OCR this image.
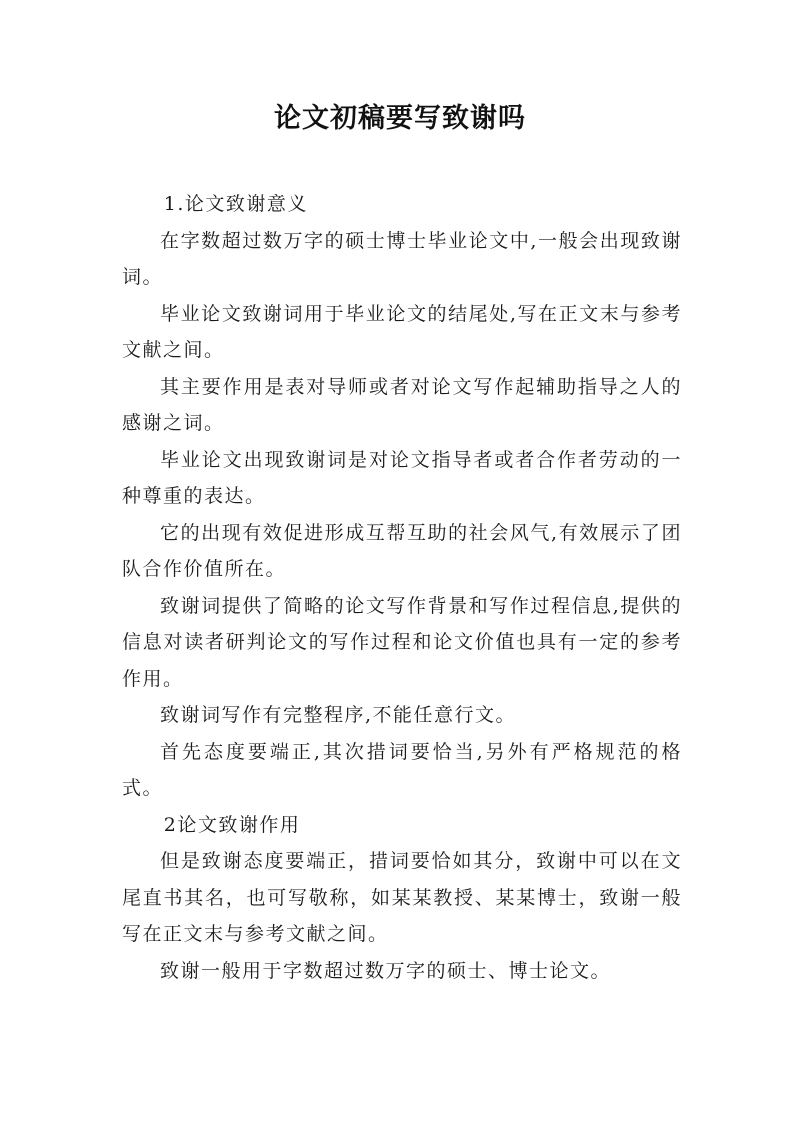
论文初稿要写致谢吗

1.论文致谢意义

在字数超过数万字的硕士博士毕业论文中,一般会出现致谢词。

毕业论文致谢词用于毕业论文的结尾处,写在正文末与参考文献之间。

其主要作用是表对导师或者对论文写作起辅助指导之人的感谢之词。

毕业论文出现致谢词是对论文指导者或者合作者劳动的一种尊重的表达。

它的出现有效促进形成互帮互助的社会风气,有效展示了团队合作价值所在。

致谢词提供了简略的论文写作背景和写作过程信息,提供的信息对读者研判论文的写作过程和论文价值也具有一定的参考作用。

致谢词写作有完整程序,不能任意行文。

首先态度要端正,其次措词要恰当,另外有严格规范的格式。

2论文致谢作用

但是致谢态度要端正，措词要恰如其分，致谢中可以在文尾直书其名，也可写敬称，如某某教授、某某博士，致谢一般写在正文末与参考文献之间。

致谢一般用于字数超过数万字的硕士、博士论文。
